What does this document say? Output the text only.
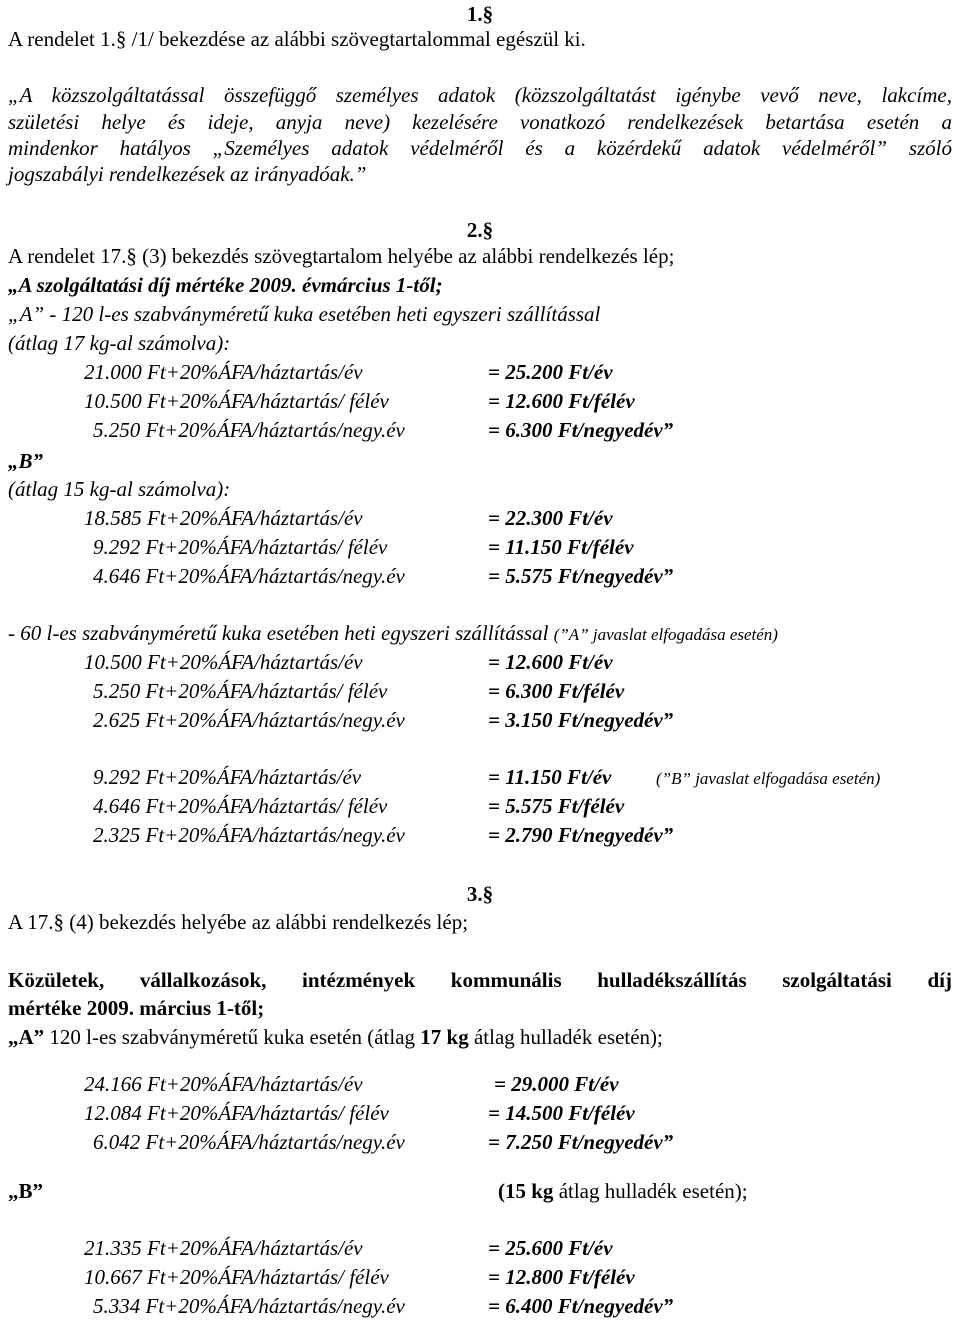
1.§
A rendelet 1.§ /1/ bekezdése az alábbi szövegtartalommal egészül ki.
„A közszolgáltatással összefüggő személyes adatok (közszolgáltatást igénybe vevő neve, lakcíme,
születési helye és ideje, anyja neve) kezelésére vonatkozó rendelkezések betartása esetén a
mindenkor hatályos „Személyes adatok védelméről és a közérdekű adatok védelméről” szóló
jogszabályi rendelkezések az irányadóak.”
2.§
A rendelet 17.§ (3) bekezdés szövegtartalom helyébe az alábbi rendelkezés lép;
„A szolgáltatási díj mértéke 2009. évmárcius 1-től;
„A” - 120 l-es szabványméretű kuka esetében heti egyszeri szállítással
(átlag 17 kg-al számolva):
21.000 Ft+20%ÁFA/háztartás/év	= 25.200 Ft/év
10.500 Ft+20%ÁFA/háztartás/ félév	= 12.600 Ft/félév
5.250 Ft+20%ÁFA/háztartás/negy.év	= 6.300 Ft/negyedév”
„B”
(átlag 15 kg-al számolva):
18.585 Ft+20%ÁFA/háztartás/év	= 22.300 Ft/év
9.292 Ft+20%ÁFA/háztartás/ félév	= 11.150 Ft/félév
4.646 Ft+20%ÁFA/háztartás/negy.év	= 5.575 Ft/negyedév”
- 60 l-es szabványméretű kuka esetében heti egyszeri szállítással (”A” javaslat elfogadása esetén)
10.500 Ft+20%ÁFA/háztartás/év	= 12.600 Ft/év
5.250 Ft+20%ÁFA/háztartás/ félév	= 6.300 Ft/félév
2.625 Ft+20%ÁFA/háztartás/negy.év	= 3.150 Ft/negyedév”
9.292 Ft+20%ÁFA/háztartás/év	= 11.150 Ft/év	(”B” javaslat elfogadása esetén)
4.646 Ft+20%ÁFA/háztartás/ félév	= 5.575 Ft/félév
2.325 Ft+20%ÁFA/háztartás/negy.év	= 2.790 Ft/negyedév”
3.§
A 17.§ (4) bekezdés helyébe az alábbi rendelkezés lép;
Közületek, vállalkozások, intézmények kommunális hulladékszállítás szolgáltatási díj
mértéke 2009. március 1-től;
„A” 120 l-es szabványméretű kuka esetén (átlag 17 kg átlag hulladék esetén);
24.166 Ft+20%ÁFA/háztartás/év	= 29.000 Ft/év
12.084 Ft+20%ÁFA/háztartás/ félév	= 14.500 Ft/félév
6.042 Ft+20%ÁFA/háztartás/negy.év	= 7.250 Ft/negyedév”
„B”	(15 kg átlag hulladék esetén);
21.335 Ft+20%ÁFA/háztartás/év	= 25.600 Ft/év
10.667 Ft+20%ÁFA/háztartás/ félév	= 12.800 Ft/félév
5.334 Ft+20%ÁFA/háztartás/negy.év	= 6.400 Ft/negyedév”
